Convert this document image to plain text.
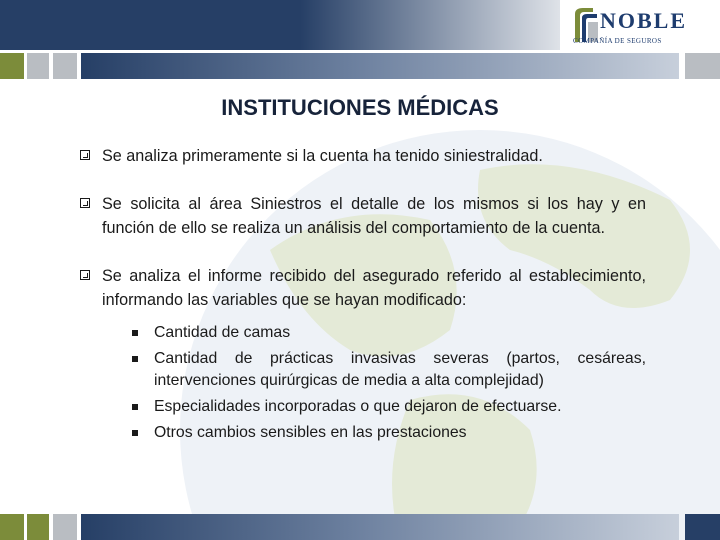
NOBLE
COMPAÑÍA DE SEGUROS
INSTITUCIONES MÉDICAS
Se analiza primeramente si la cuenta ha tenido siniestralidad.
Se solicita al área Siniestros el detalle de los mismos si los hay y en función de ello se realiza un análisis del comportamiento de la cuenta.
Se analiza el informe recibido del asegurado referido al establecimiento, informando las variables que se hayan modificado:
Cantidad de camas
Cantidad de prácticas invasivas severas (partos, cesáreas, intervenciones quirúrgicas de media a alta complejidad)
Especialidades incorporadas o que dejaron de efectuarse.
Otros cambios sensibles en las prestaciones
